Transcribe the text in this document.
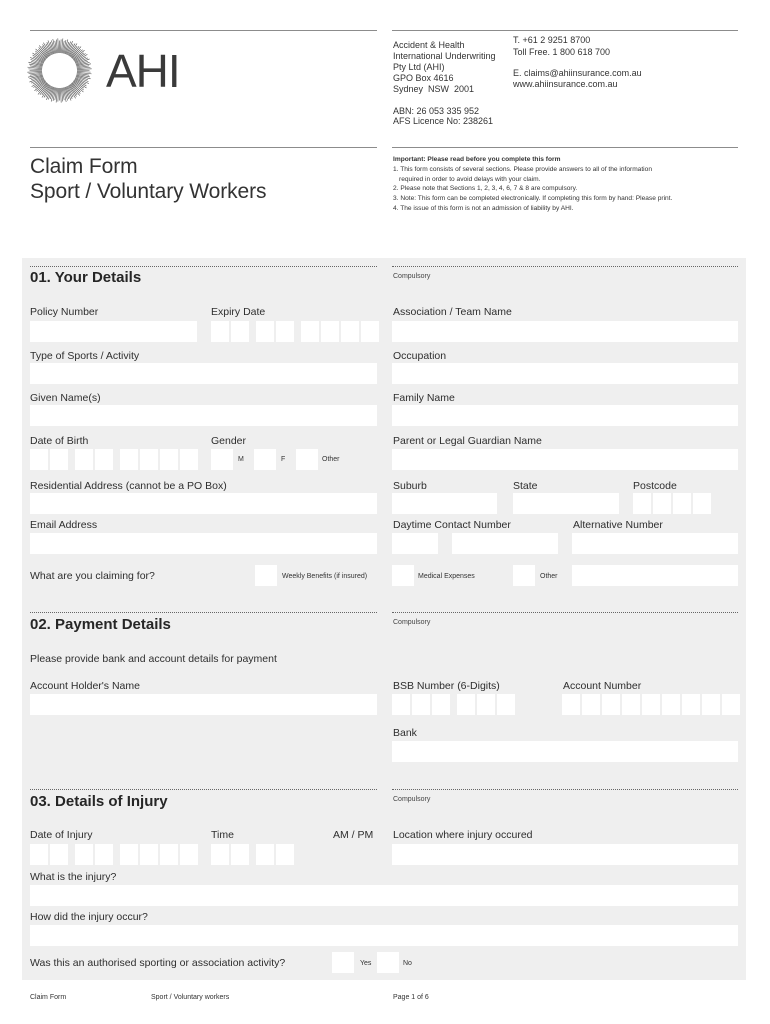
AHI	Accident & Health
International Underwriting
Pty Ltd (AHI)
GPO Box 4616
Sydney  NSW  2001
T. +61 2 9251 8700
Toll Free. 1 800 618 700
E. claims@ahiinsurance.com.au
www.ahiinsurance.com.au
ABN: 26 053 335 952
AFS Licence No: 238261
Claim Form
Sport / Voluntary Workers
Important: Please read before you complete this form
1. This form consists of several sections. Please provide answers to all of the information
required in order to avoid delays with your claim.
2. Please note that Sections 1, 2, 3, 4, 6, 7 & 8 are compulsory.
3. Note: This form can be completed electronically. If completing this form by hand: Please print.
4. The issue of this form is not an admission of liability by AHI.
01. Your Details	Compulsory
Policy Number	Expiry Date	Association / Team Name
Type of Sports / Activity	Occupation
Given Name(s)	Family Name
Date of Birth	Gender	Parent or Legal Guardian Name
M	F	Other
Residential Address (cannot be a PO Box)	Suburb	State	Postcode
Email Address	Daytime Contact Number	Alternative Number
What are you claiming for?	Weekly Benefits (if insured)	Medical Expenses	Other
02. Payment Details	Compulsory
Please provide bank and account details for payment
Account Holder's Name	BSB Number (6-Digits)	Account Number
Bank
03. Details of Injury	Compulsory
Date of Injury	Time	AM / PM Location where injury occured
What is the injury?
How did the injury occur?
Was this an authorised sporting or association activity?	Yes	No
Claim Form	Sport / Voluntary workers	Page 1 of 6
